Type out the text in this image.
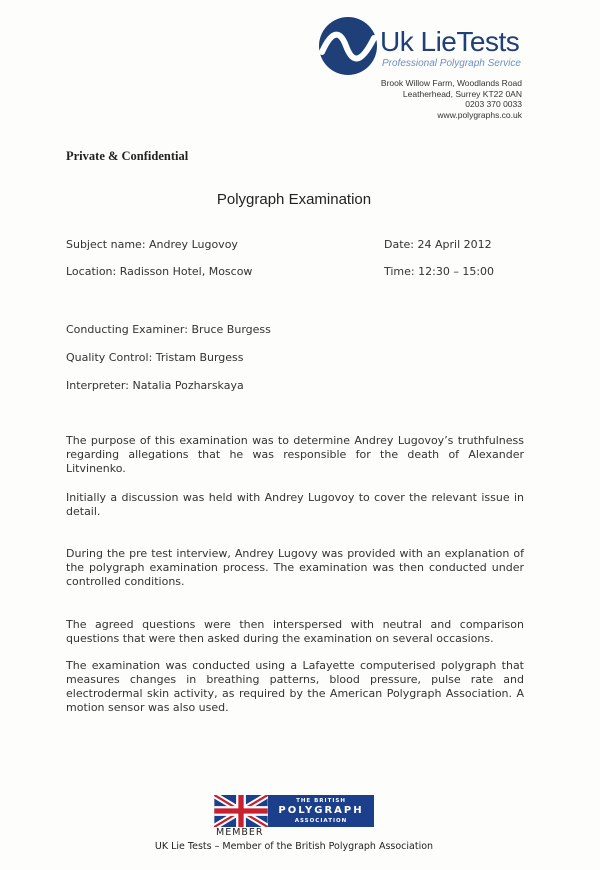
Uk LieTests
Professional Polygraph Service
Brook Willow Farm, Woodlands Road
Leatherhead, Surrey KT22 0AN
0203 370 0033
www.polygraphs.co.uk
Private & Confidential
Polygraph Examination
Subject name : Andrey Lugovoy	Date : 24 April 2012
Location : Radisson Hotel, Moscow	Time : 12:30 – 15:00
Conducting Examiner : Bruce Burgess
Quality Control : Tristam Burgess
Interpreter : Natalia Pozharskaya

The purpose of this examination was to determine Andrey Lugovoy’s truthfulness regarding allegations that he was responsible for the death of Alexander Litvinenko.

Initially a discussion was held with Andrey Lugovoy to cover the relevant issue in detail.

During the pre test interview, Andrey Lugovy was provided with an explanation of the polygraph examination process. The examination was then conducted under controlled conditions.

The agreed questions were then interspersed with neutral and comparison questions that were then asked during the examination on several occasions.

The examination was conducted using a Lafayette computerised polygraph that measures changes in breathing patterns, blood pressure, pulse rate and electrodermal skin activity, as required by the American Polygraph Association. A motion sensor was also used.

THE BRITISH
POLYGRAPH
ASSOCIATION
MEMBER
UK Lie Tests – Member of the British Polygraph Association
